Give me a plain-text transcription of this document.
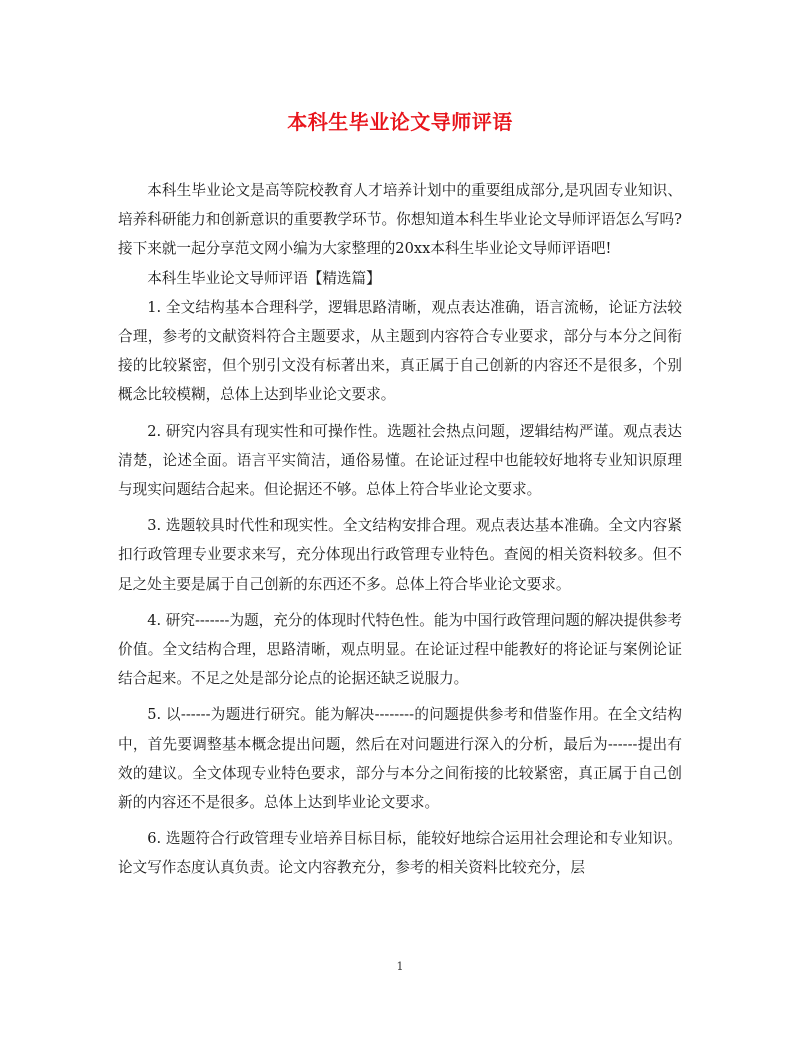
本科生毕业论文导师评语

本科生毕业论文是高等院校教育人才培养计划中的重要组成部分,是巩固专业知识、培养科研能力和创新意识的重要教学环节。你想知道本科生毕业论文导师评语怎么写吗?接下来就一起分享范文网小编为大家整理的20xx本科生毕业论文导师评语吧!

本科生毕业论文导师评语【精选篇】

1. 全文结构基本合理科学，逻辑思路清晰，观点表达准确，语言流畅，论证方法较合理，参考的文献资料符合主题要求，从主题到内容符合专业要求，部分与本分之间衔接的比较紧密，但个别引文没有标著出来，真正属于自己创新的内容还不是很多，个别概念比较模糊，总体上达到毕业论文要求。

2. 研究内容具有现实性和可操作性。选题社会热点问题，逻辑结构严谨。观点表达清楚，论述全面。语言平实简洁，通俗易懂。在论证过程中也能较好地将专业知识原理与现实问题结合起来。但论据还不够。总体上符合毕业论文要求。

3. 选题较具时代性和现实性。全文结构安排合理。观点表达基本准确。全文内容紧扣行政管理专业要求来写，充分体现出行政管理专业特色。查阅的相关资料较多。但不足之处主要是属于自己创新的东西还不多。总体上符合毕业论文要求。

4. 研究-------为题，充分的体现时代特色性。能为中国行政管理问题的解决提供参考价值。全文结构合理，思路清晰，观点明显。在论证过程中能教好的将论证与案例论证结合起来。不足之处是部分论点的论据还缺乏说服力。

5. 以------为题进行研究。能为解决--------的问题提供参考和借鉴作用。在全文结构中，首先要调整基本概念提出问题，然后在对问题进行深入的分析，最后为------提出有效的建议。全文体现专业特色要求，部分与本分之间衔接的比较紧密，真正属于自己创新的内容还不是很多。总体上达到毕业论文要求。

6. 选题符合行政管理专业培养目标目标，能较好地综合运用社会理论和专业知识。论文写作态度认真负责。论文内容教充分，参考的相关资料比较充分，层

1
